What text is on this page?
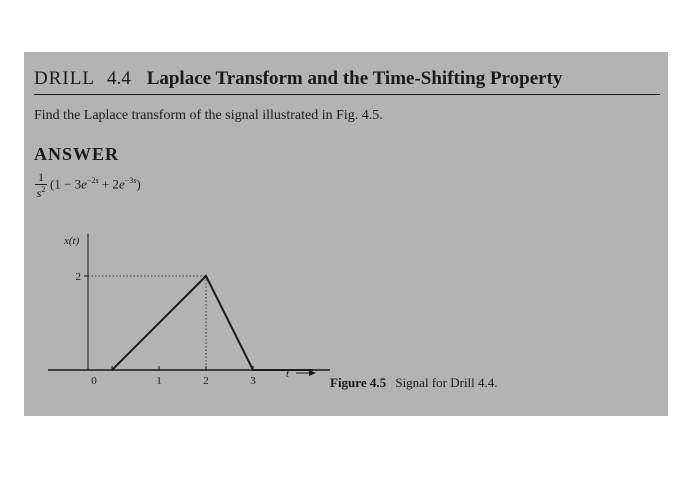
DRILL 4.4 Laplace Transform and the Time-Shifting Property
Find the Laplace transform of the signal illustrated in Fig. 4.5.
ANSWER
1
$s^2$ $(1 - 3e^{-2s} + 2e^{-3s})$
x(t)
0	1	2	3
2
t
Figure 4.5 Signal for Drill 4.4.
